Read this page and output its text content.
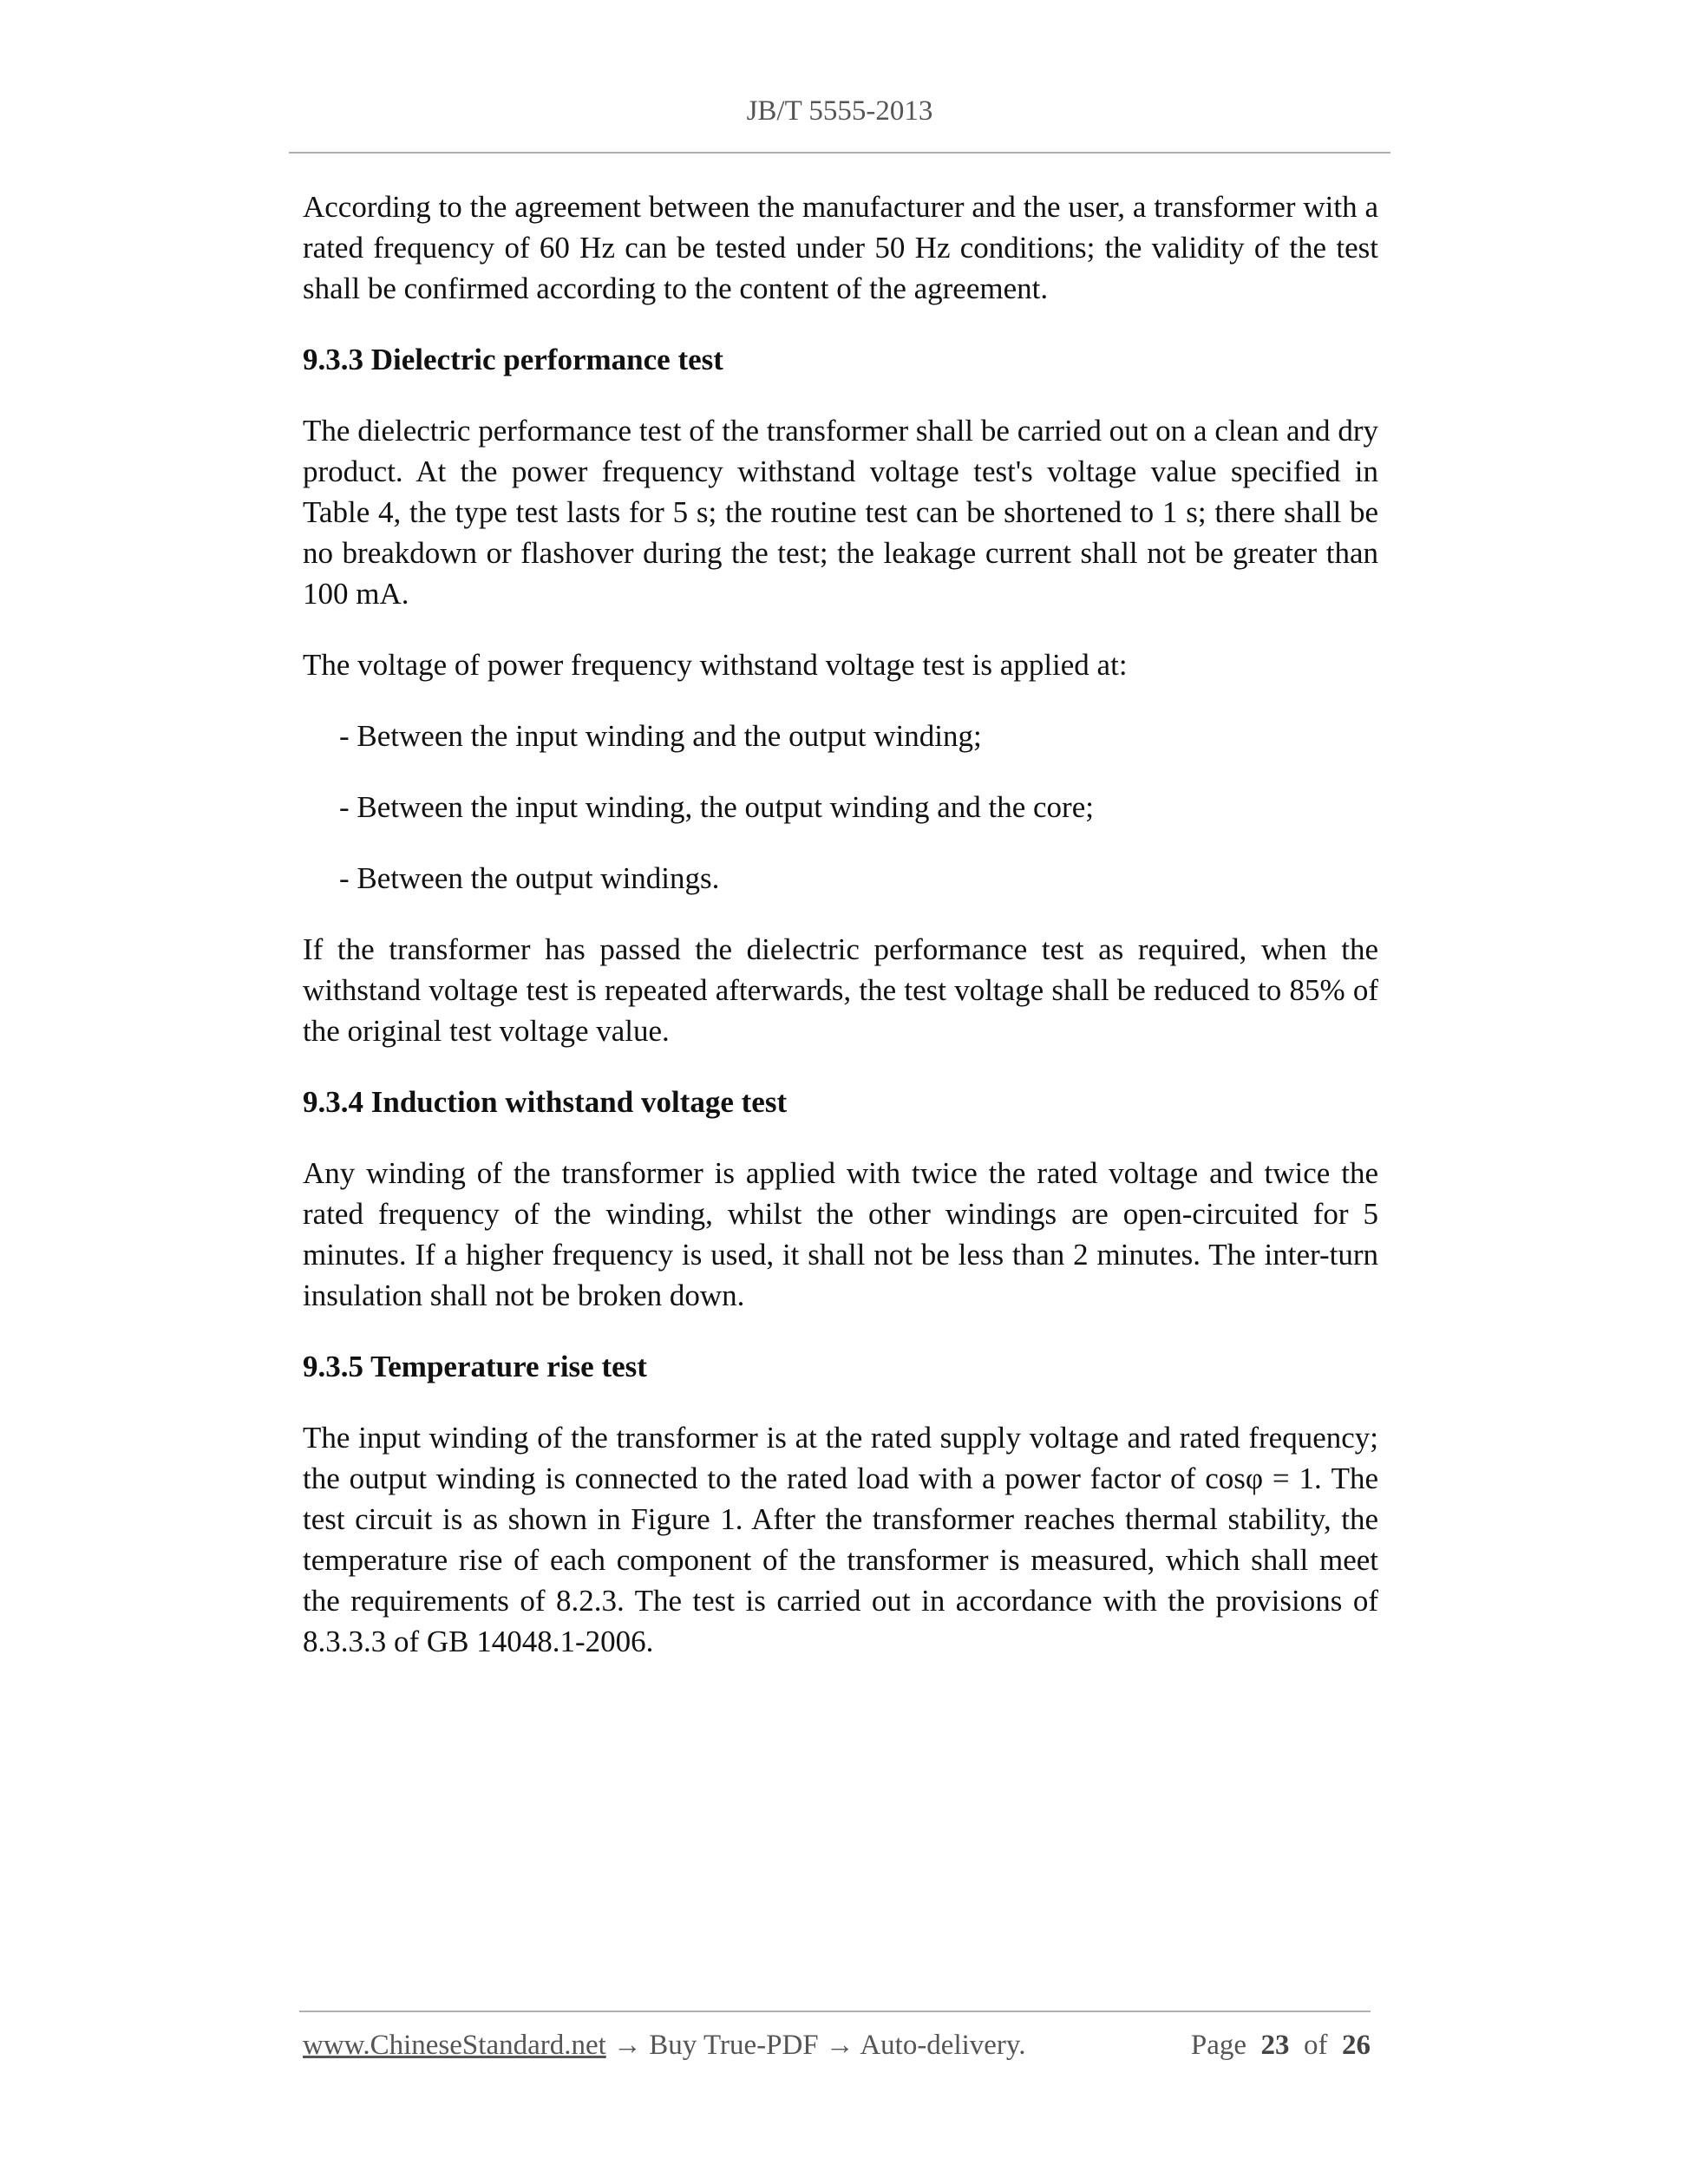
JB/T 5555-2013

According to the agreement between the manufacturer and the user, a transformer with a rated frequency of 60 Hz can be tested under 50 Hz conditions; the validity of the test shall be confirmed according to the content of the agreement.

9.3.3 Dielectric performance test

The dielectric performance test of the transformer shall be carried out on a clean and dry product. At the power frequency withstand voltage test's voltage value specified in Table 4, the type test lasts for 5 s; the routine test can be shortened to 1 s; there shall be no breakdown or flashover during the test; the leakage current shall not be greater than 100 mA.

The voltage of power frequency withstand voltage test is applied at:

- Between the input winding and the output winding;

- Between the input winding, the output winding and the core;

- Between the output windings.

If the transformer has passed the dielectric performance test as required, when the withstand voltage test is repeated afterwards, the test voltage shall be reduced to 85% of the original test voltage value.

9.3.4 Induction withstand voltage test

Any winding of the transformer is applied with twice the rated voltage and twice the rated frequency of the winding, whilst the other windings are open-circuited for 5 minutes. If a higher frequency is used, it shall not be less than 2 minutes. The inter-turn insulation shall not be broken down.

9.3.5 Temperature rise test

The input winding of the transformer is at the rated supply voltage and rated frequency; the output winding is connected to the rated load with a power factor of cosφ = 1. The test circuit is as shown in Figure 1. After the transformer reaches thermal stability, the temperature rise of each component of the transformer is measured, which shall meet the requirements of 8.2.3. The test is carried out in accordance with the provisions of 8.3.3.3 of GB 14048.1-2006.

www.ChineseStandard.net → Buy True-PDF → Auto-delivery.	Page 23 of 26
